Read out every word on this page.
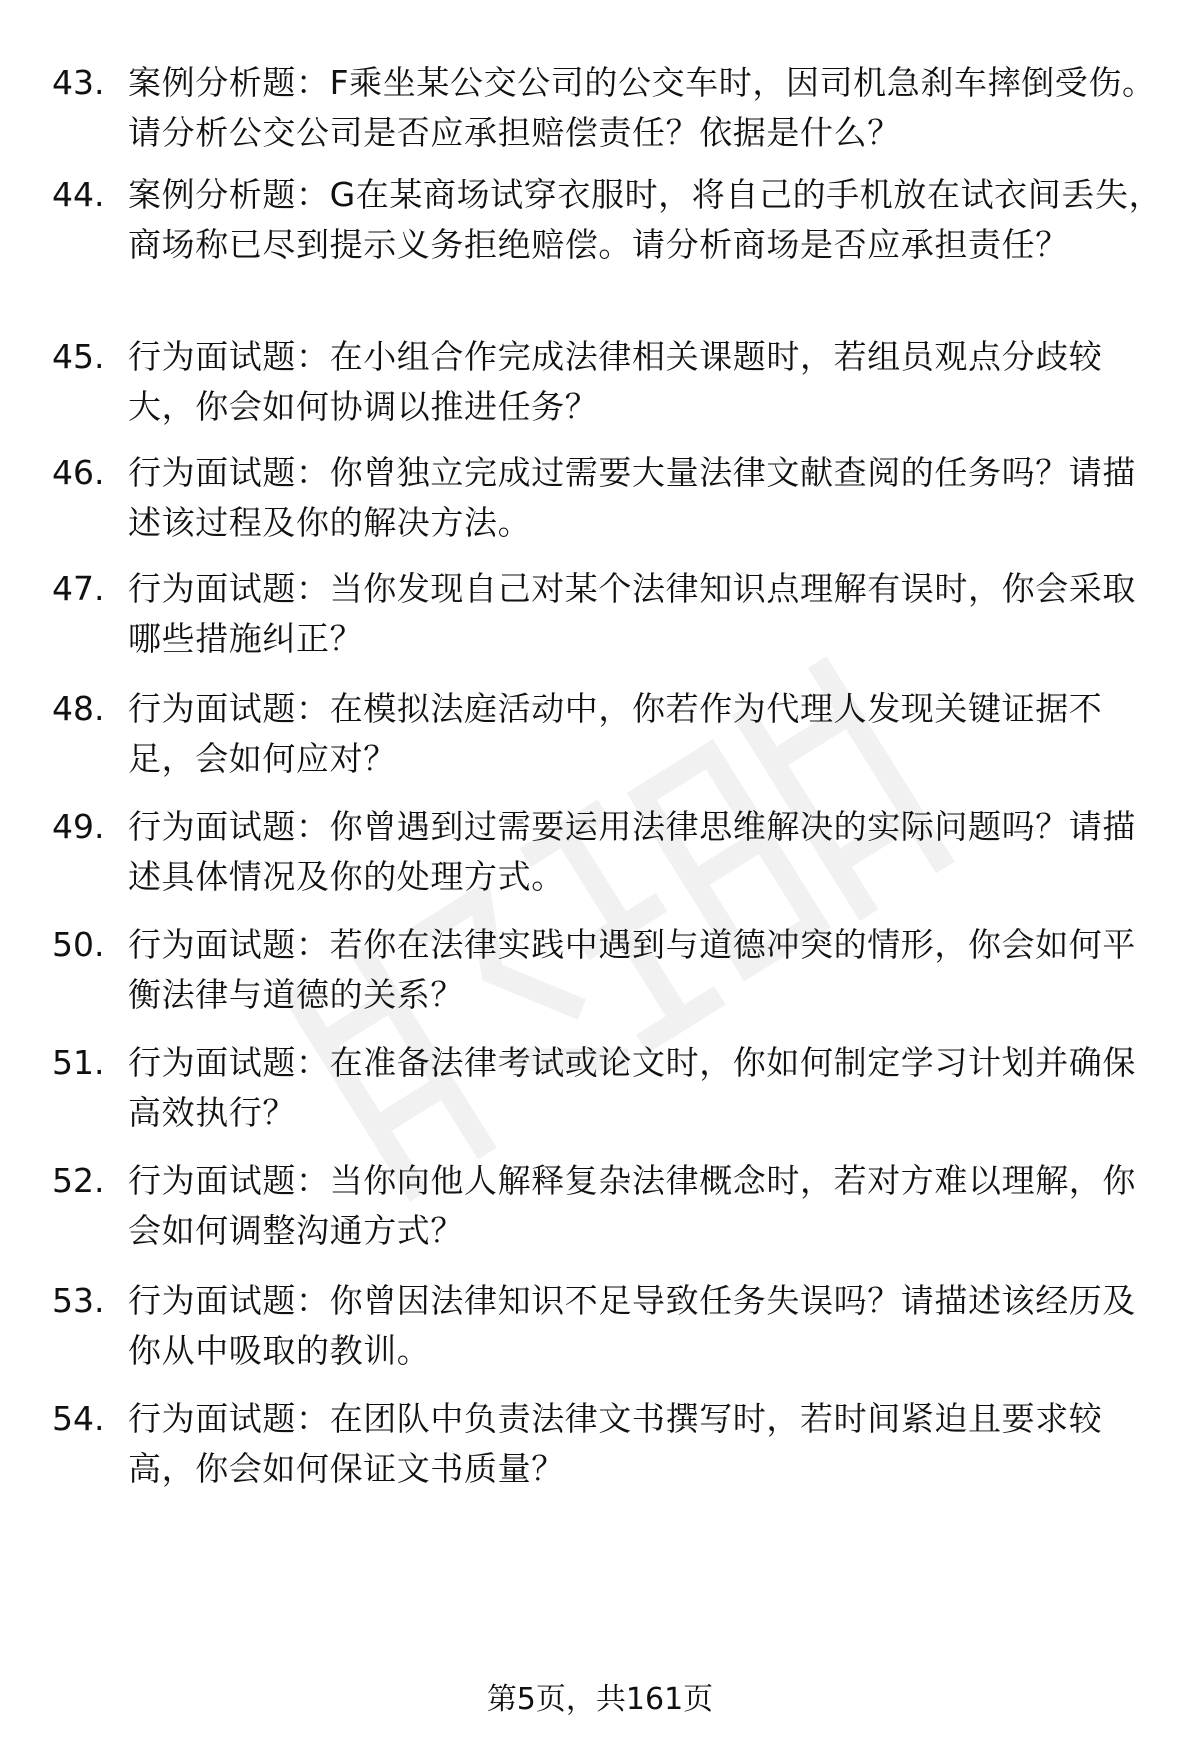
43. 案例分析题：F乘坐某公交公司的公交车时，因司机急刹车摔倒受伤。请分析公交公司是否应承担赔偿责任？依据是什么？
44. 案例分析题：G在某商场试穿衣服时，将自己的手机放在试衣间丢失，商场称已尽到提示义务拒绝赔偿。请分析商场是否应承担责任？
45. 行为面试题：在小组合作完成法律相关课题时，若组员观点分歧较大，你会如何协调以推进任务？
46. 行为面试题：你曾独立完成过需要大量法律文献查阅的任务吗？请描述该过程及你的解决方法。
47. 行为面试题：当你发现自己对某个法律知识点理解有误时，你会采取哪些措施纠正？
48. 行为面试题：在模拟法庭活动中，你若作为代理人发现关键证据不足，会如何应对？
49. 行为面试题：你曾遇到过需要运用法律思维解决的实际问题吗？请描述具体情况及你的处理方式。
50. 行为面试题：若你在法律实践中遇到与道德冲突的情形，你会如何平衡法律与道德的关系？
51. 行为面试题：在准备法律考试或论文时，你如何制定学习计划并确保高效执行？
52. 行为面试题：当你向他人解释复杂法律概念时，若对方难以理解，你会如何调整沟通方式？
53. 行为面试题：你曾因法律知识不足导致任务失误吗？请描述该经历及你从中吸取的教训。
54. 行为面试题：在团队中负责法律文书撰写时，若时间紧迫且要求较高，你会如何保证文书质量？
第5页，共161页
